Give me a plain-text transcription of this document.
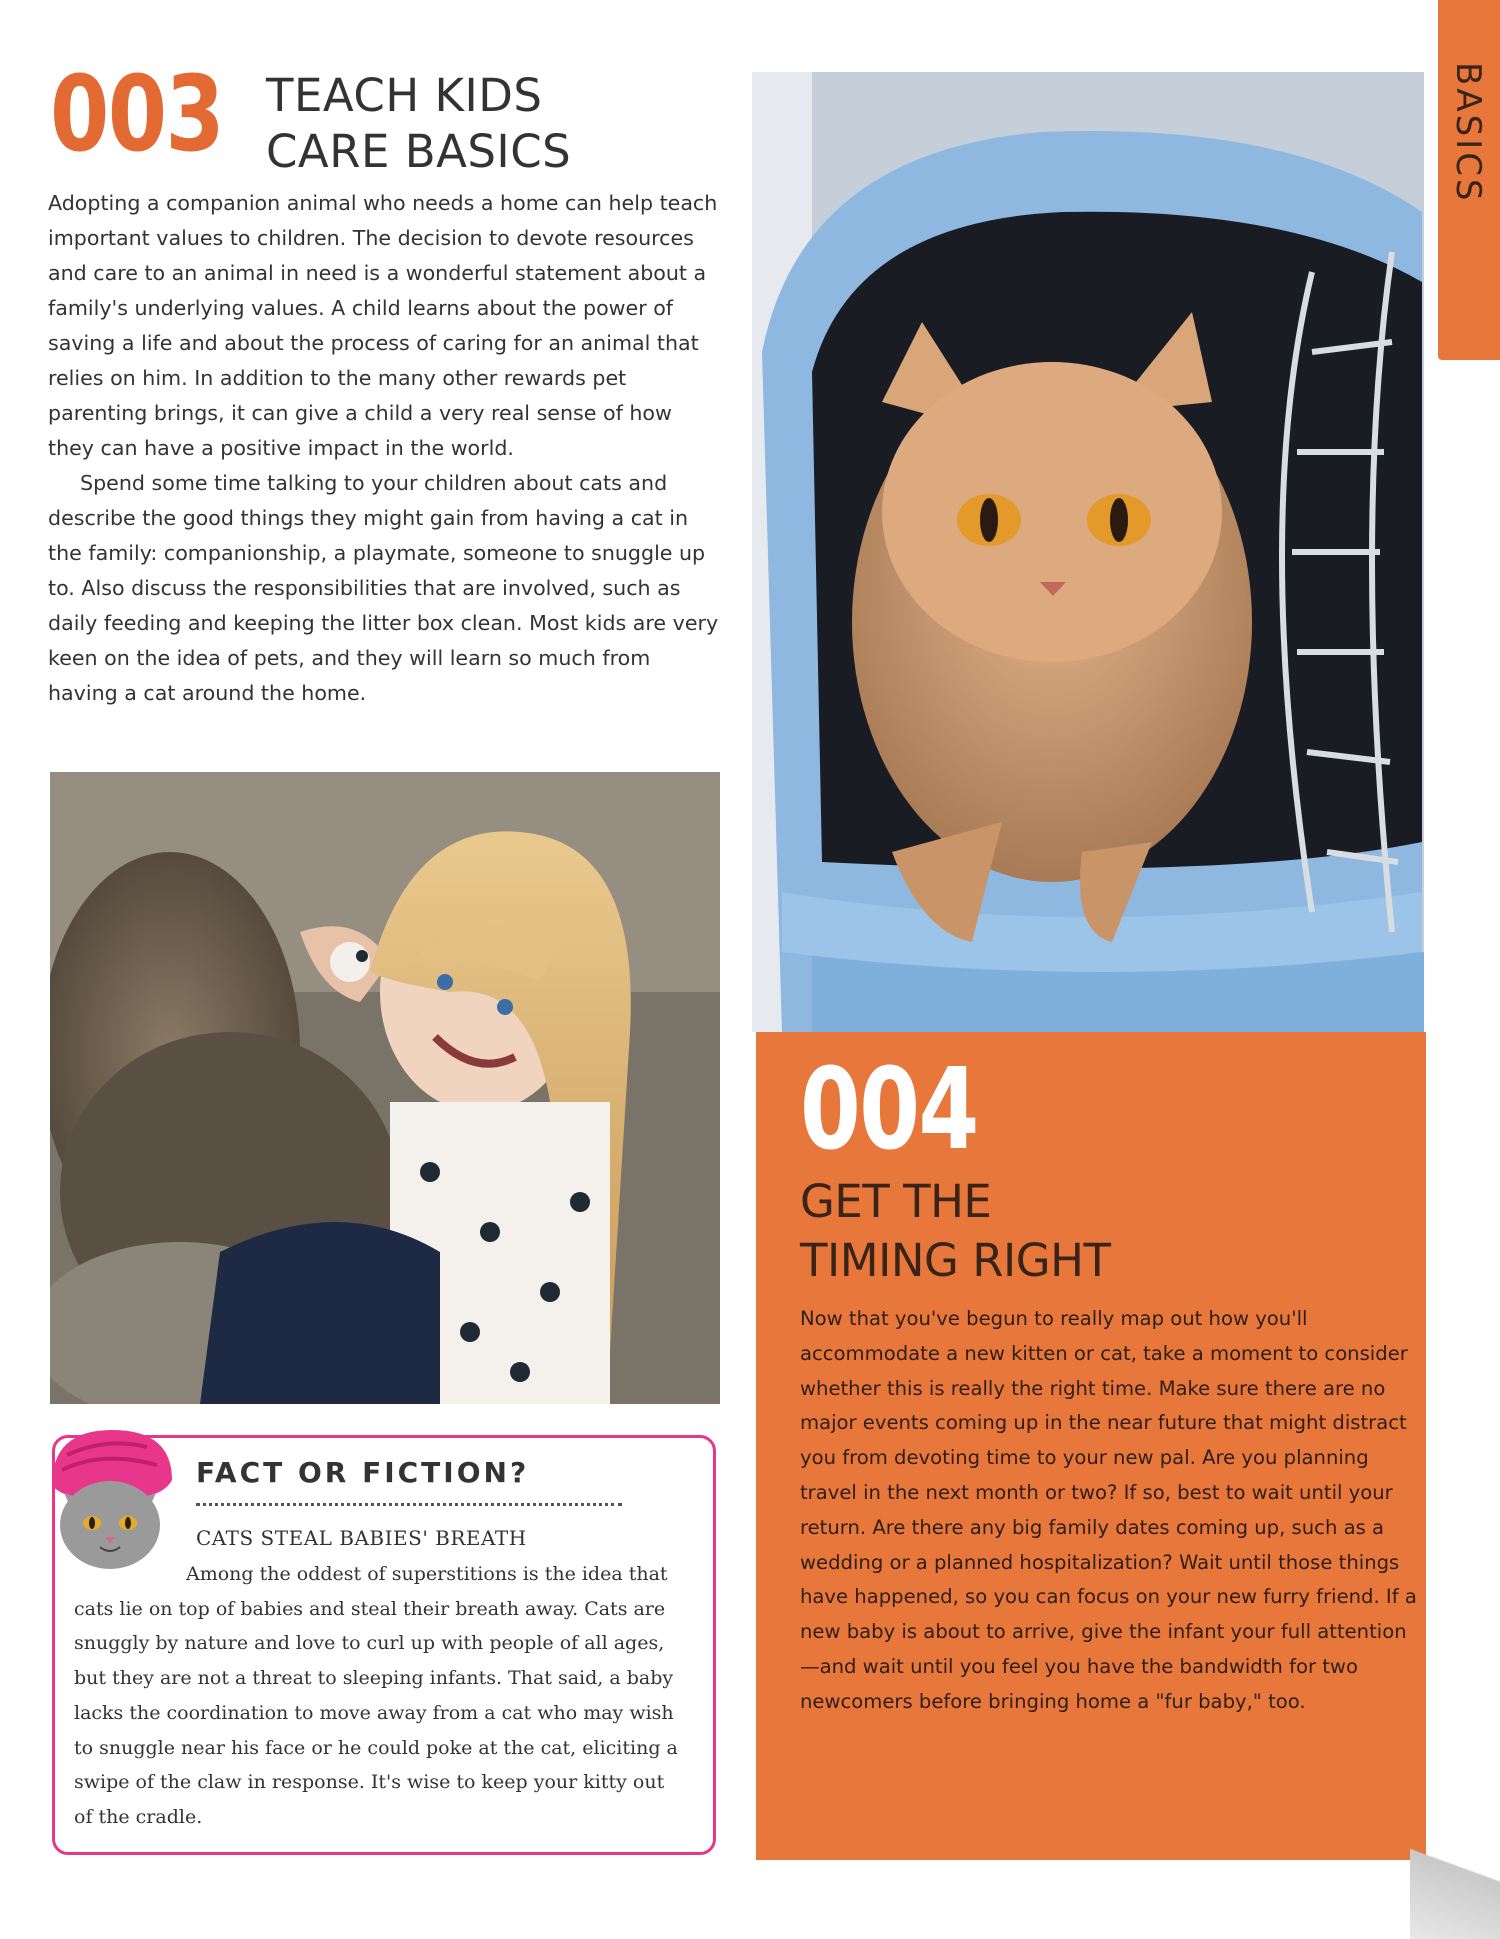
003 TEACH KIDS
CARE BASICS

Adopting a companion animal who needs a home can help teach important values to children. The decision to devote resources and care to an animal in need is a wonderful statement about a family's underlying values. A child learns about the power of saving a life and about the process of caring for an animal that relies on him. In addition to the many other rewards pet parenting brings, it can give a child a very real sense of how they can have a positive impact in the world.

Spend some time talking to your children about cats and describe the good things they might gain from having a cat in the family: companionship, a playmate, someone to snuggle up to. Also discuss the responsibilities that are involved, such as daily feeding and keeping the litter box clean. Most kids are very keen on the idea of pets, and they will learn so much from having a cat around the home.

FACT OR FICTION?
CATS STEAL BABIES' BREATH
Among the oddest of superstitions is the idea that cats lie on top of babies and steal their breath away. Cats are snuggly by nature and love to curl up with people of all ages, but they are not a threat to sleeping infants. That said, a baby lacks the coordination to move away from a cat who may wish to snuggle near his face or he could poke at the cat, eliciting a swipe of the claw in response. It's wise to keep your kitty out of the cradle.
004
GET THE
TIMING RIGHT

Now that you've begun to really map out how you'll accommodate a new kitten or cat, take a moment to consider whether this is really the right time. Make sure there are no major events coming up in the near future that might distract you from devoting time to your new pal. Are you planning travel in the next month or two? If so, best to wait until your return. Are there any big family dates coming up, such as a wedding or a planned hospitalization? Wait until those things have happened, so you can focus on your new furry friend. If a new baby is about to arrive, give the infant your full attention—and wait until you feel you have the bandwidth for two newcomers before bringing home a "fur baby," too.

BASICS
